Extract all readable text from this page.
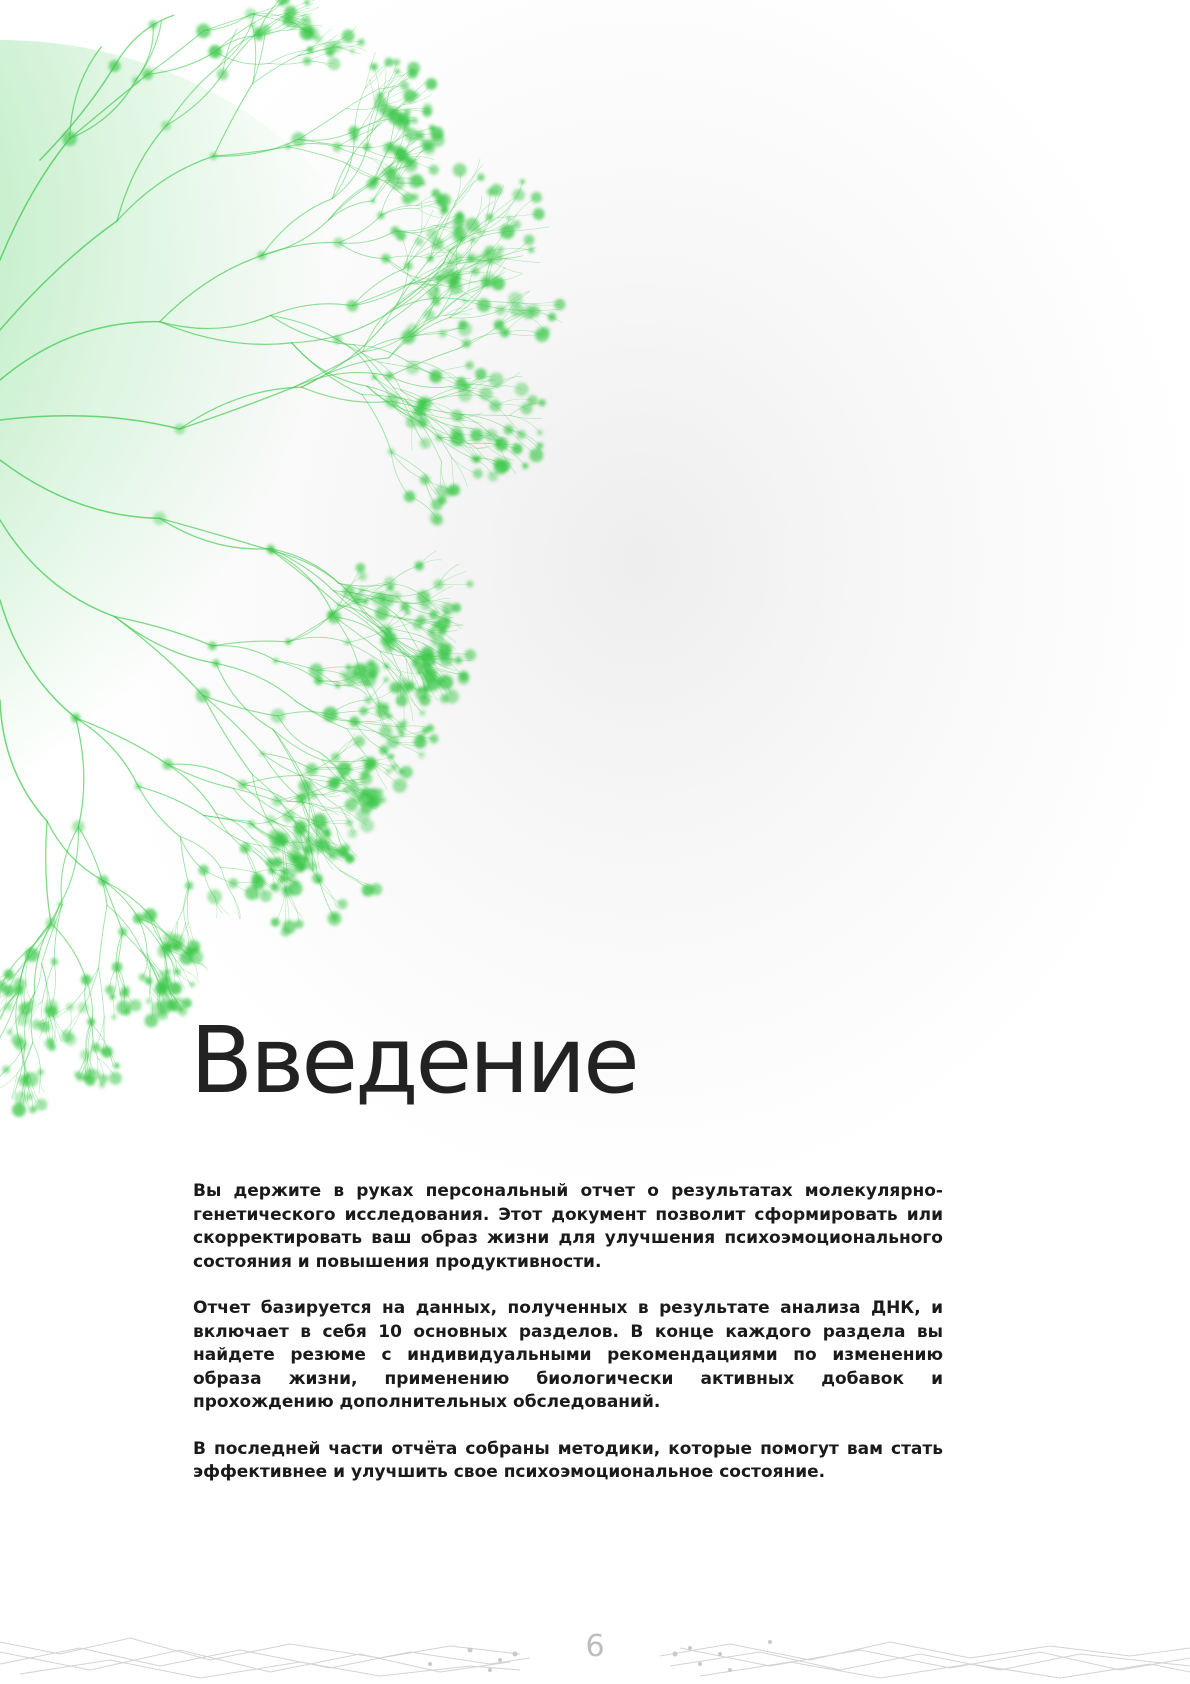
Введение

Вы держите в руках персональный отчет о результатах молекулярно-генетического исследования. Этот документ позволит сформировать или скорректировать ваш образ жизни для улучшения психоэмоционального состояния и повышения продуктивности.

Отчет базируется на данных, полученных в результате анализа ДНК, и включает в себя 10 основных разделов. В конце каждого раздела вы найдете резюме с индивидуальными рекомендациями по изменению образа жизни, применению биологически активных добавок и прохождению дополнительных обследований.

В последней части отчёта собраны методики, которые помогут вам стать эффективнее и улучшить свое психоэмоциональное состояние.

6
